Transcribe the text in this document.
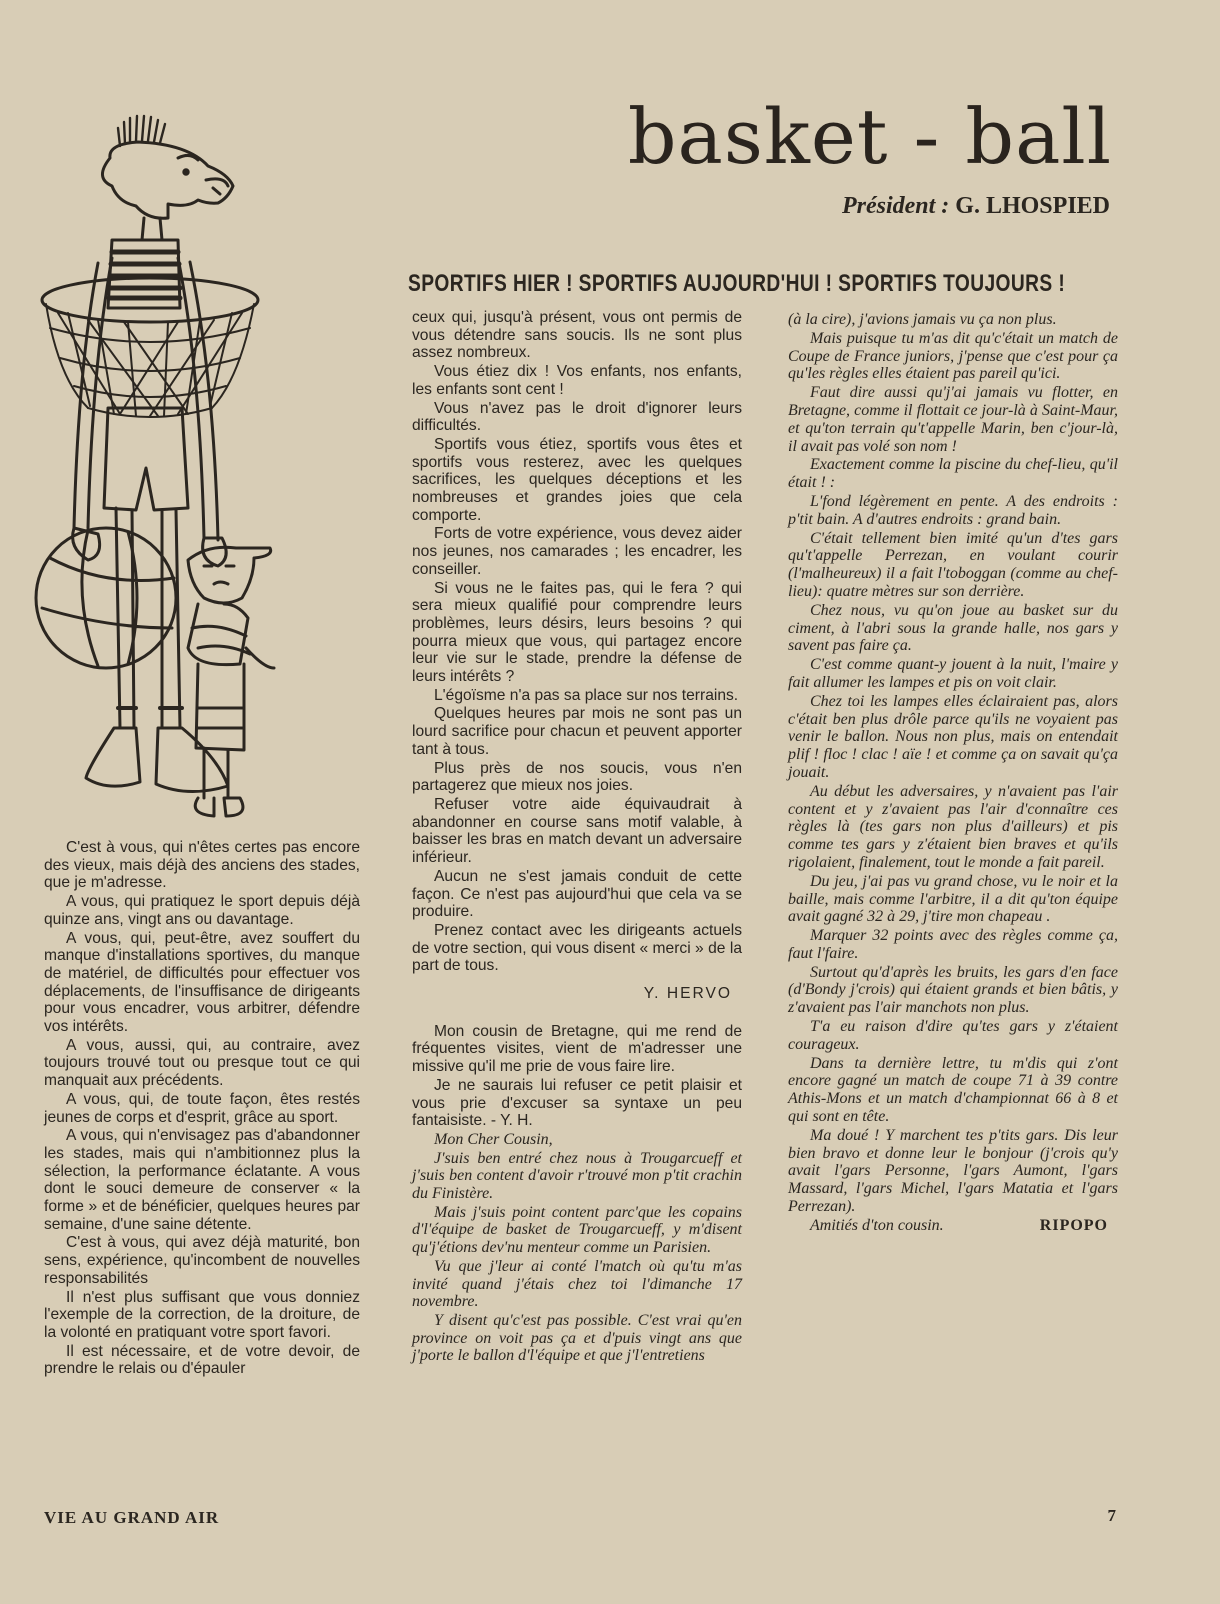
basket - ball
Président : G. LHOSPIED
SPORTIFS HIER ! SPORTIFS AUJOURD'HUI ! SPORTIFS TOUJOURS !

C'est à vous, qui n'êtes certes pas encore des vieux, mais déjà des anciens des stades, que je m'adresse.

A vous, qui pratiquez le sport depuis déjà quinze ans, vingt ans ou davantage.

A vous, qui, peut-être, avez souffert du manque d'installations sportives, du manque de matériel, de difficultés pour effectuer vos déplacements, de l'insuffisance de dirigeants pour vous encadrer, vous arbitrer, défendre vos intérêts.

A vous, aussi, qui, au contraire, avez toujours trouvé tout ou presque tout ce qui manquait aux précédents.

A vous, qui, de toute façon, êtes restés jeunes de corps et d'esprit, grâce au sport.

A vous, qui n'envisagez pas d'abandonner les stades, mais qui n'ambitionnez plus la sélection, la performance éclatante. A vous dont le souci demeure de conserver « la forme » et de bénéficier, quelques heures par semaine, d'une saine détente.

C'est à vous, qui avez déjà maturité, bon sens, expérience, qu'incombent de nouvelles responsabilités

Il n'est plus suffisant que vous donniez l'exemple de la correction, de la droiture, de la volonté en pratiquant votre sport favori.

Il est nécessaire, et de votre devoir, de prendre le relais ou d'épauler

ceux qui, jusqu'à présent, vous ont permis de vous détendre sans soucis. Ils ne sont plus assez nombreux.

Vous étiez dix ! Vos enfants, nos enfants, les enfants sont cent !

Vous n'avez pas le droit d'ignorer leurs difficultés.

Sportifs vous étiez, sportifs vous êtes et sportifs vous resterez, avec les quelques sacrifices, les quelques déceptions et les nombreuses et grandes joies que cela comporte.

Forts de votre expérience, vous devez aider nos jeunes, nos camarades ; les encadrer, les conseiller.

Si vous ne le faites pas, qui le fera ? qui sera mieux qualifié pour comprendre leurs problèmes, leurs désirs, leurs besoins ? qui pourra mieux que vous, qui partagez encore leur vie sur le stade, prendre la défense de leurs intérêts ?

L'égoïsme n'a pas sa place sur nos terrains.

Quelques heures par mois ne sont pas un lourd sacrifice pour chacun et peuvent apporter tant à tous.

Plus près de nos soucis, vous n'en partagerez que mieux nos joies.

Refuser votre aide équivaudrait à abandonner en course sans motif valable, à baisser les bras en match devant un adversaire inférieur.

Aucun ne s'est jamais conduit de cette façon. Ce n'est pas aujourd'hui que cela va se produire.

Prenez contact avec les dirigeants actuels de votre section, qui vous disent « merci » de la part de tous.

Y. HERVO

Mon cousin de Bretagne, qui me rend de fréquentes visites, vient de m'adresser une missive qu'il me prie de vous faire lire.

Je ne saurais lui refuser ce petit plaisir et vous prie d'excuser sa syntaxe un peu fantaisiste. - Y. H.

Mon Cher Cousin,

J'suis ben entré chez nous à Trougarcueff et j'suis ben content d'avoir r'trouvé mon p'tit crachin du Finistère.

Mais j'suis point content parc'que les copains d'l'équipe de basket de Trougarcueff, y m'disent qu'j'étions dev'nu menteur comme un Parisien.

Vu que j'leur ai conté l'match où qu'tu m'as invité quand j'étais chez toi l'dimanche 17 novembre.

Y disent qu'c'est pas possible. C'est vrai qu'en province on voit pas ça et d'puis vingt ans que j'porte le ballon d'l'équipe et que j'l'entretiens

(à la cire), j'avions jamais vu ça non plus.

Mais puisque tu m'as dit qu'c'était un match de Coupe de France juniors, j'pense que c'est pour ça qu'les règles elles étaient pas pareil qu'ici.

Faut dire aussi qu'j'ai jamais vu flotter, en Bretagne, comme il flottait ce jour-là à Saint-Maur, et qu'ton terrain qu't'appelle Marin, ben c'jour-là, il avait pas volé son nom !

Exactement comme la piscine du chef-lieu, qu'il était ! :

L'fond légèrement en pente. A des endroits : p'tit bain. A d'autres endroits : grand bain.

C'était tellement bien imité qu'un d'tes gars qu't'appelle Perrezan, en voulant courir (l'malheureux) il a fait l'toboggan (comme au chef-lieu): quatre mètres sur son derrière.

Chez nous, vu qu'on joue au basket sur du ciment, à l'abri sous la grande halle, nos gars y savent pas faire ça.

C'est comme quant-y jouent à la nuit, l'maire y fait allumer les lampes et pis on voit clair.

Chez toi les lampes elles éclairaient pas, alors c'était ben plus drôle parce qu'ils ne voyaient pas venir le ballon. Nous non plus, mais on entendait plif ! floc ! clac ! aïe ! et comme ça on savait qu'ça jouait.

Au début les adversaires, y n'avaient pas l'air content et y z'avaient pas l'air d'connaître ces règles là (tes gars non plus d'ailleurs) et pis comme tes gars y z'étaient bien braves et qu'ils rigolaient, finalement, tout le monde a fait pareil.

Du jeu, j'ai pas vu grand chose, vu le noir et la baille, mais comme l'arbitre, il a dit qu'ton équipe avait gagné 32 à 29, j'tire mon chapeau .

Marquer 32 points avec des règles comme ça, faut l'faire.

Surtout qu'd'après les bruits, les gars d'en face (d'Bondy j'crois) qui étaient grands et bien bâtis, y z'avaient pas l'air manchots non plus.

T'a eu raison d'dire qu'tes gars y z'étaient courageux.

Dans ta dernière lettre, tu m'dis qui z'ont encore gagné un match de coupe 71 à 39 contre Athis-Mons et un match d'championnat 66 à 8 et qui sont en tête.

Ma doué ! Y marchent tes p'tits gars. Dis leur bien bravo et donne leur le bonjour (j'crois qu'y avait l'gars Personne, l'gars Aumont, l'gars Massard, l'gars Michel, l'gars Matatia et l'gars Perrezan).

Amitiés d'ton cousin.	RIPOPO

VIE AU GRAND AIR	7
